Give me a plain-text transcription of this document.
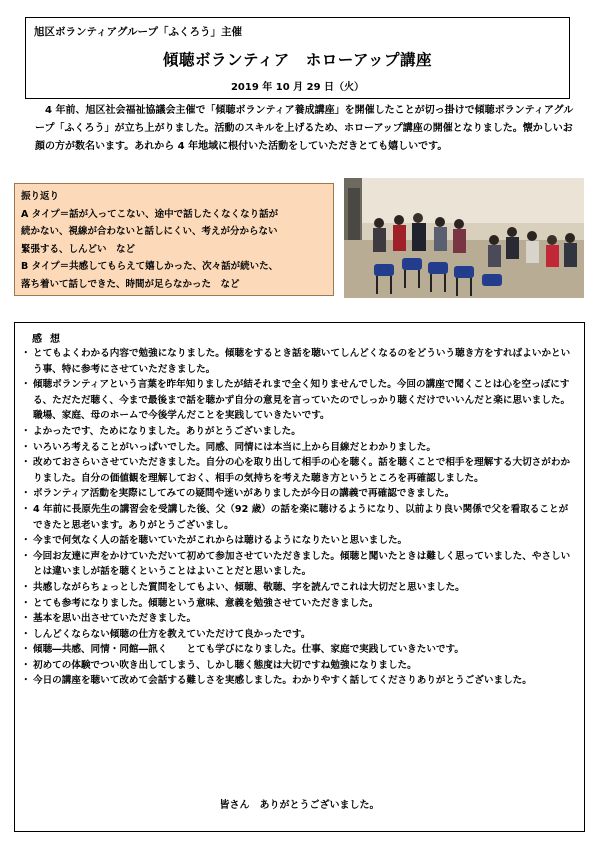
旭区ボランティアグループ「ふくろう」主催
傾聴ボランティア　ホローアップ講座
2019 年 10 月 29 日（火）

4 年前、旭区社会福祉協議会主催で「傾聴ボランティア養成講座」を開催したことが切っ掛けで傾聴ボランティアグループ「ふくろう」が立ち上がりました。活動のスキルを上げるため、ホローアップ講座の開催となりました。懐かしいお顔の方が数名います。あれから 4 年地域に根付いた活動をしていただきとても嬉しいです。

振り返り
A タイプ＝話が入ってこない、途中で話したくなくなり話が
続かない、視線が合わないと話しにくい、考えが分からない
緊張する、しんどい　など
B タイプ＝共感してもらえて嬉しかった、次々話が続いた、
落ち着いて話しできた、時間が足らなかった　など
感想
・ とてもよくわかる内容で勉強になりました。傾聴をするとき話を聴いてしんどくなるのをどういう聴き方をすればよいかという事、特に参考にさせていただきました。
・ 傾聴ボランティアという言葉を昨年知りましたが結それまで全く知りませんでした。今回の講座で聞くことは心を空っぽにする、ただただ聴く、今まで最後まで話を聴かず自分の意見を言っていたのでしっかり聴くだけでいいんだと楽に思いました。職場、家庭、母のホームで今後学んだことを実践していきたいです。
・ よかったです、ためになりました。ありがとうございました。
・ いろいろ考えることがいっぱいでした。同感、同情には本当に上から目線だとわかりました。
・ 改めておさらいさせていただきました。自分の心を取り出して相手の心を聴く。話を聴くことで相手を理解する大切さがわかりました。自分の価値観を理解しておく、相手の気持ちを考えた聴き方というところを再確認しました。
・ ボランティア活動を実際にしてみての疑問や迷いがありましたが今日の講義で再確認できました。
・ 4 年前に長原先生の講習会を受講した後、父（92 歳）の話を楽に聴けるようになり、以前より良い関係で父を看取ることができたと思老います。ありがとうございまし。
・ 今まで何気なく人の話を聴いていたがこれからは聴けるようになりたいと思いました。
・ 今回お友達に声をかけていただいて初めて参加させていただきました。傾聴と聞いたときは難しく思っていました、やさしいとは違いましが話を聴くということはよいことだと思いました。
・ 共感しながらちょっとした質問をしてもよい、傾聴、敬聴、字を読んでこれは大切だと思いました。
・ とても参考になりました。傾聴という意味、意義を勉強させていただきました。
・ 基本を思い出させていただきました。
・ しんどくならない傾聴の仕方を教えていただけて良かったです。
・ 傾聴―共感、同情・同館―訊く　　とても学びになりました。仕事、家庭で実践していきたいです。
・ 初めての体験でつい吹き出してしまう、しかし聴く態度は大切ですね勉強になりました。
・ 今日の講座を聴いて改めて会話する難しさを実感しました。わかりやすく話してくださりありがとうございました。
皆さん　ありがとうございました。
